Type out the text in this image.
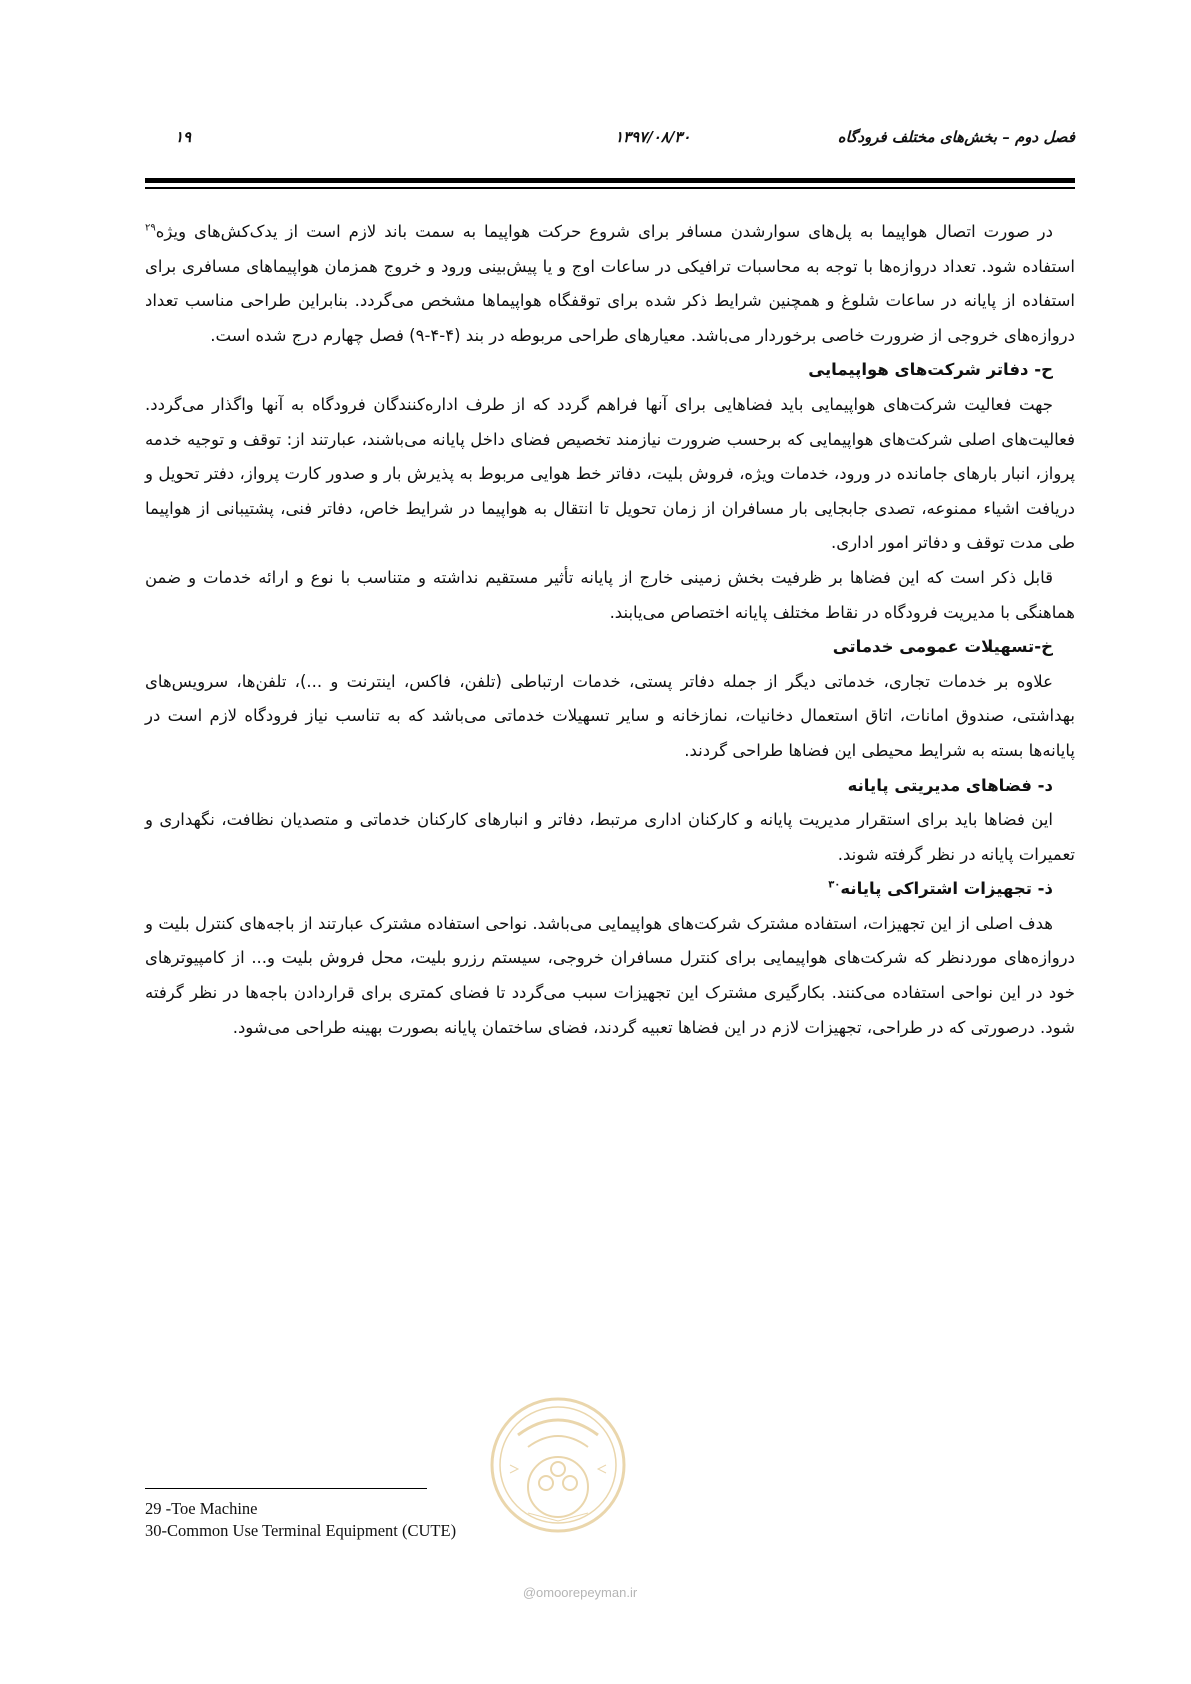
فصل دوم – بخش‌های مختلف فرودگاه
۱۳۹۷/۰۸/۳۰
۱۹

در صورت اتصال هواپیما به پل‌های سوارشدن مسافر برای شروع حرکت هواپیما به سمت باند لازم است از یدک‌کش‌های ویژه$^{۲۹}$ استفاده شود. تعداد دروازه‌ها با توجه به محاسبات ترافیکی در ساعات اوج و یا پیش‌بینی ورود و خروج همزمان هواپیماهای مسافری برای استفاده از پایانه در ساعات شلوغ و همچنین شرایط ذکر شده برای توقفگاه هواپیماها مشخص می‌گردد. بنابراین طراحی مناسب تعداد دروازه‌های خروجی از ضرورت خاصی برخوردار می‌باشد. معیارهای طراحی مربوطه در بند (۴-۴-۹) فصل چهارم درج شده است.

ح- دفاتر شرکت‌های هواپیمایی

جهت فعالیت شرکت‌های هواپیمایی باید فضاهایی برای آنها فراهم گردد که از طرف اداره‌کنندگان فرودگاه به آنها واگذار می‌گردد. فعالیت‌های اصلی شرکت‌های هواپیمایی که برحسب ضرورت نیازمند تخصیص فضای داخل پایانه می‌باشند، عبارتند از: توقف و توجیه خدمه پرواز، انبار بارهای جامانده در ورود، خدمات ویژه، فروش بلیت، دفاتر خط هوایی مربوط به پذیرش بار و صدور کارت پرواز، دفتر تحویل و دریافت اشیاء ممنوعه، تصدی جابجایی بار مسافران از زمان تحویل تا انتقال به هواپیما در شرایط خاص، دفاتر فنی، پشتیبانی از هواپیما طی مدت توقف و دفاتر امور اداری.

قابل ذکر است که این فضاها بر ظرفیت بخش زمینی خارج از پایانه تأثیر مستقیم نداشته و متناسب با نوع و ارائه خدمات و ضمن هماهنگی با مدیریت فرودگاه در نقاط مختلف پایانه اختصاص می‌یابند.

خ-تسهیلات عمومی خدماتی

علاوه بر خدمات تجاری، خدماتی دیگر از جمله دفاتر پستی، خدمات ارتباطی (تلفن، فاکس، اینترنت و ...)، تلفن‌ها، سرویس‌های بهداشتی، صندوق امانات، اتاق استعمال دخانیات، نمازخانه و سایر تسهیلات خدماتی می‌باشد که به تناسب نیاز فرودگاه لازم است در پایانه‌ها بسته به شرایط محیطی این فضاها طراحی گردند.

د- فضاهای مدیریتی پایانه

این فضاها باید برای استقرار مدیریت پایانه و کارکنان اداری مرتبط، دفاتر و انبارهای کارکنان خدماتی و متصدیان نظافت، نگهداری و تعمیرات پایانه در نظر گرفته شوند.

ذ- تجهیزات اشتراکی پایانه$^{۳۰}$

هدف اصلی از این تجهیزات، استفاده مشترک شرکت‌های هواپیمایی می‌باشد. نواحی استفاده مشترک عبارتند از باجه‌های کنترل بلیت و دروازه‌های موردنظر که شرکت‌های هواپیمایی برای کنترل مسافران خروجی، سیستم رزرو بلیت، محل فروش بلیت و... از کامپیوترهای خود در این نواحی استفاده می‌کنند. بکارگیری مشترک این تجهیزات سبب می‌گردد تا فضای کمتری برای قراردادن باجه‌ها در نظر گرفته شود. درصورتی که در طراحی، تجهیزات لازم در این فضاها تعبیه گردند، فضای ساختمان پایانه بصورت بهینه طراحی می‌شود.

29 -Toe Machine
30-Common Use Terminal Equipment (CUTE)
@omoorepeyman.ir
